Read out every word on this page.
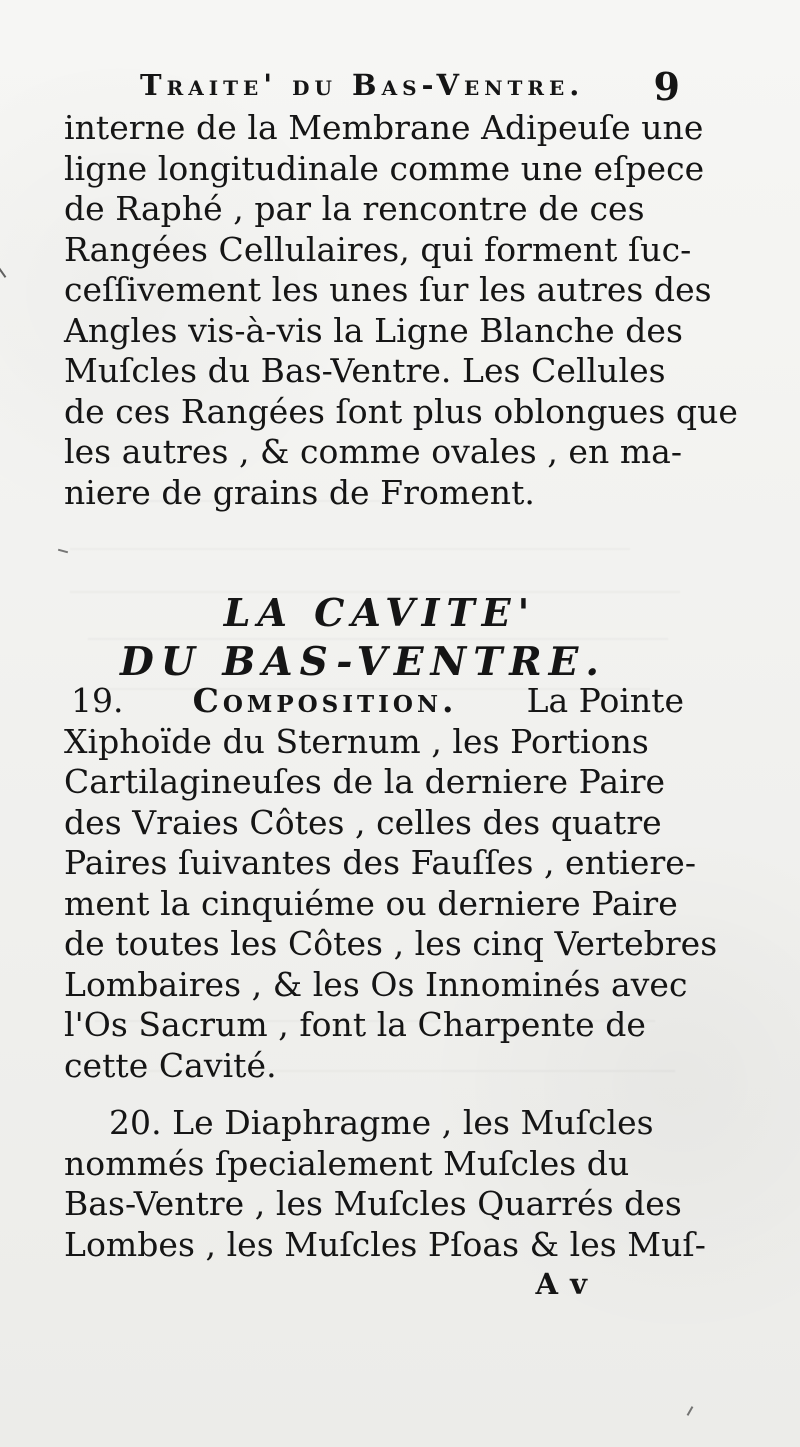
Traite' du Bas-Ventre. 9
interne de la Membrane Adipeuſe une
ligne longitudinale comme une eſpece
de Raphé , par la rencontre de ces
Rangées Cellulaires, qui forment ſuc-
ceſſivement les unes ſur les autres des
Angles vis-à-vis la Ligne Blanche des
Muſcles du Bas-Ventre. Les Cellules
de ces Rangées ſont plus oblongues que
les autres , & comme ovales , en ma-
niere de grains de Froment.
LA CAVITE'
DU BAS-VENTRE.
19. Composition. La Pointe
Xiphoïde du Sternum , les Portions
Cartilagineuſes de la derniere Paire
des Vraies Côtes , celles des quatre
Paires ſuivantes des Fauſſes , entiere-
ment la cinquiéme ou derniere Paire
de toutes les Côtes , les cinq Vertebres
Lombaires , & les Os Innominés avec
l'Os Sacrum , font la Charpente de
cette Cavité.
20. Le Diaphragme , les Muſcles
nommés ſpecialement Muſcles du
Bas-Ventre , les Muſcles Quarrés des
Lombes , les Muſcles Pſoas & les Muſ-
A v
